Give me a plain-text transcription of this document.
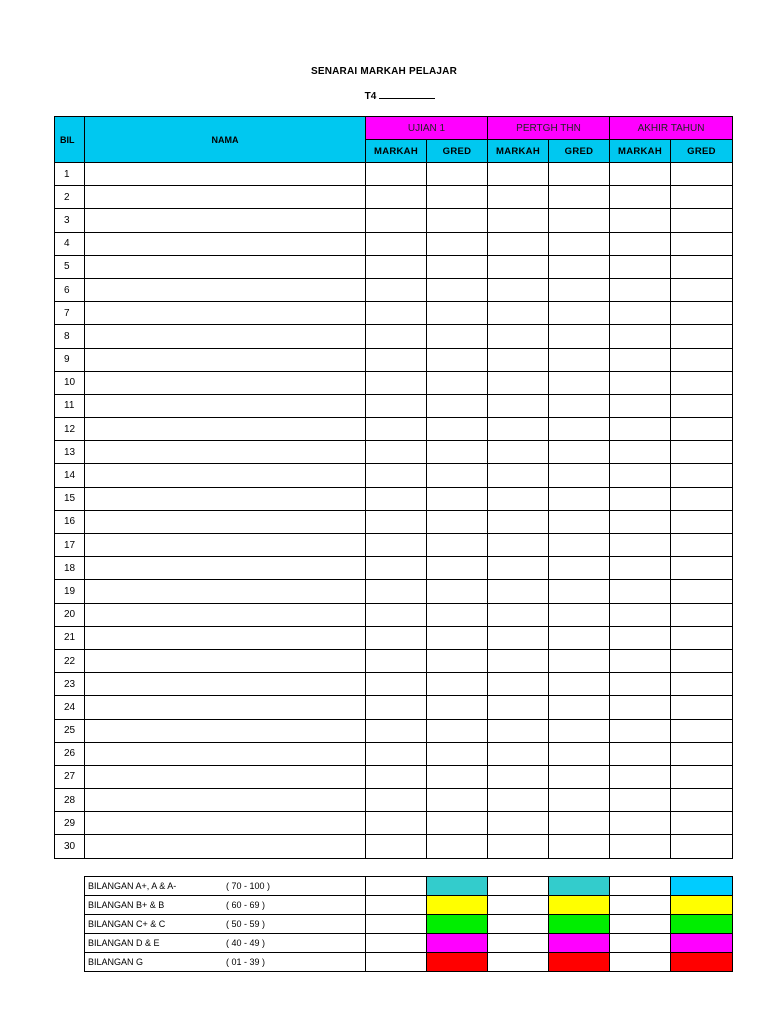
SENARAI MARKAH PELAJAR
T4
BIL	NAMA	UJIAN 1		PERTGH THN		AKHIR TAHUN	
		MARKAH	GRED	MARKAH	GRED	MARKAH	GRED
1							
2							
3							
4							
5							
6							
7							
8							
9							
10							
11							
12							
13							
14							
15							
16							
17							
18							
19							
20							
21							
22							
23							
24							
25							
26							
27							
28							
29							
30							
BILANGAN A+, A & A- ( 70 - 100 )						
BILANGAN B+ & B ( 60 - 69 )						
BILANGAN C+ & C ( 50 - 59 )						
BILANGAN D & E ( 40 - 49 )						
BILANGAN G ( 01 - 39 )						
